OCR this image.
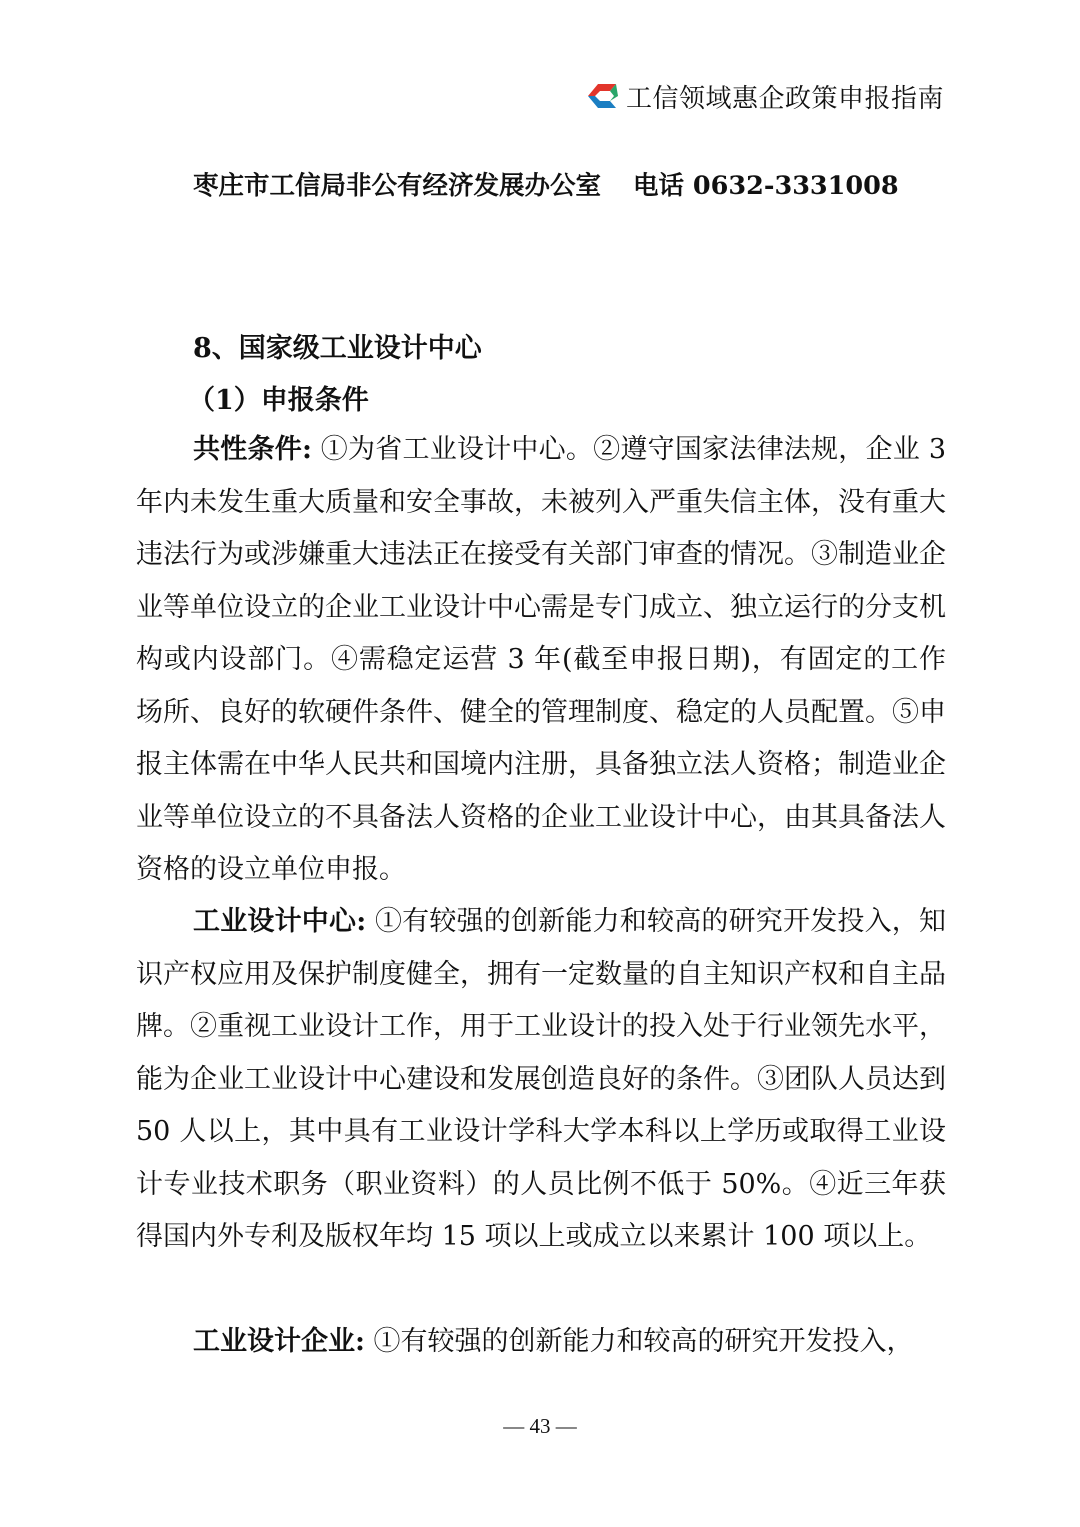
工信领域惠企政策申报指南
枣庄市工信局非公有经济发展办公室 电话 0632-3331008
8、国家级工业设计中心
（1）申报条件

共性条件: ①为省工业设计中心。②遵守国家法律法规，企业 3 年内未发生重大质量和安全事故，未被列入严重失信主体，没有重大违法行为或涉嫌重大违法正在接受有关部门审查的情况。③制造业企业等单位设立的企业工业设计中心需是专门成立、独立运行的分支机构或内设部门。④需稳定运营 3 年(截至申报日期)，有固定的工作场所、良好的软硬件条件、健全的管理制度、稳定的人员配置。⑤申报主体需在中华人民共和国境内注册，具备独立法人资格；制造业企业等单位设立的不具备法人资格的企业工业设计中心，由其具备法人资格的设立单位申报。

工业设计中心: ①有较强的创新能力和较高的研究开发投入，知识产权应用及保护制度健全，拥有一定数量的自主知识产权和自主品牌。②重视工业设计工作，用于工业设计的投入处于行业领先水平，能为企业工业设计中心建设和发展创造良好的条件。③团队人员达到 50 人以上，其中具有工业设计学科大学本科以上学历或取得工业设计专业技术职务（职业资料）的人员比例不低于 50%。④近三年获得国内外专利及版权年均 15 项以上或成立以来累计 100 项以上。

工业设计企业: ①有较强的创新能力和较高的研究开发投入，

— 43 —
